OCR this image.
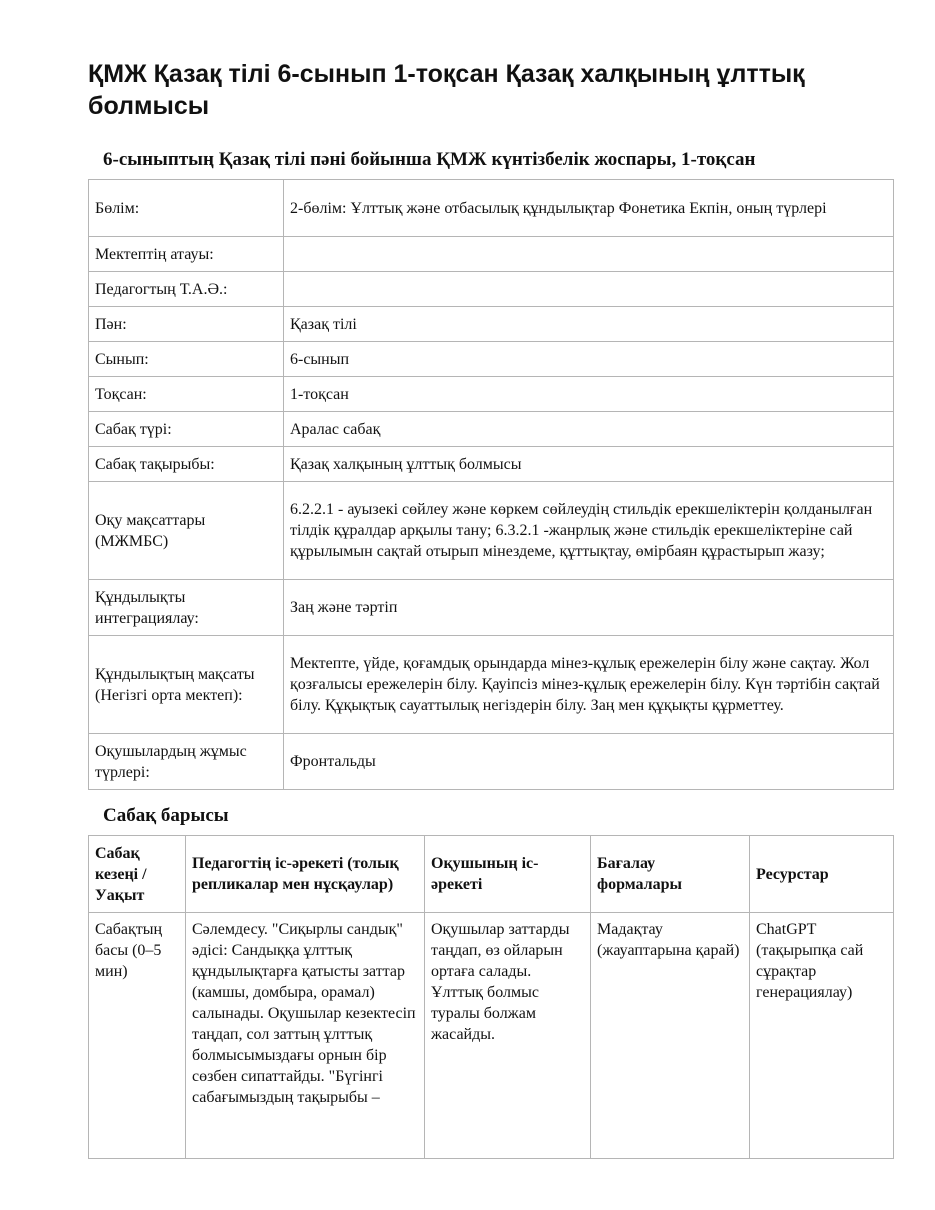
ҚМЖ Қазақ тілі 6-сынып 1-тоқсан Қазақ халқының ұлттық болмысы
6-сыныптың Қазақ тілі пәні бойынша ҚМЖ күнтізбелік жоспары, 1-тоқсан
Бөлім:	2-бөлім: Ұлттық және отбасылық құндылықтар Фонетика Екпін, оның түрлері
Мектептің атауы:	
Педагогтың Т.А.Ә.:	
Пән:	Қазақ тілі
Сынып:	6-сынып
Тоқсан:	1-тоқсан
Сабақ түрі:	Аралас сабақ
Сабақ тақырыбы:	Қазақ халқының ұлттық болмысы
Оқу мақсаттары (МЖМБС)	6.2.2.1 - ауызекі сөйлеу және көркем сөйлеудің стильдік ерекшеліктерін қолданылған тілдік құралдар арқылы тану; 6.3.2.1 -жанрлық және стильдік ерекшеліктеріне сай құрылымын сақтай отырып мінездеме, құттықтау, өмірбаян құрастырып жазу;
Құндылықты интеграциялау:	Заң және тәртіп
Құндылықтың мақсаты (Негізгі орта мектеп):	Мектепте, үйде, қоғамдық орындарда мінез-құлық ережелерін білу және сақтау. Жол қозғалысы ережелерін білу. Қауіпсіз мінез-құлық ережелерін білу. Күн тәртібін сақтай білу. Құқықтық сауаттылық негіздерін білу. Заң мен құқықты құрметтеу.
Оқушылардың жұмыс түрлері:	Фронтальды
Сабақ барысы
Сабақ кезеңі / Уақыт	Педагогтің іс-әрекеті (толық репликалар мен нұсқаулар)	Оқушының іс-әрекеті	Бағалау формалары	Ресурстар
Сабақтың басы (0–5 мин)	Сәлемдесу. "Сиқырлы сандық" әдісі: Сандыққа ұлттық құндылықтарға қатысты заттар (камшы, домбыра, орамал) салынады. Оқушылар кезектесіп таңдап, сол заттың ұлттық болмысымыздағы орнын бір сөзбен сипаттайды. "Бүгінгі сабағымыздың тақырыбы –	Оқушылар заттарды таңдап, өз ойларын ортаға салады. Ұлттық болмыс туралы болжам жасайды.	Мадақтау (жауаптарына қарай)	ChatGPT (тақырыпқа сай сұрақтар генерациялау)
